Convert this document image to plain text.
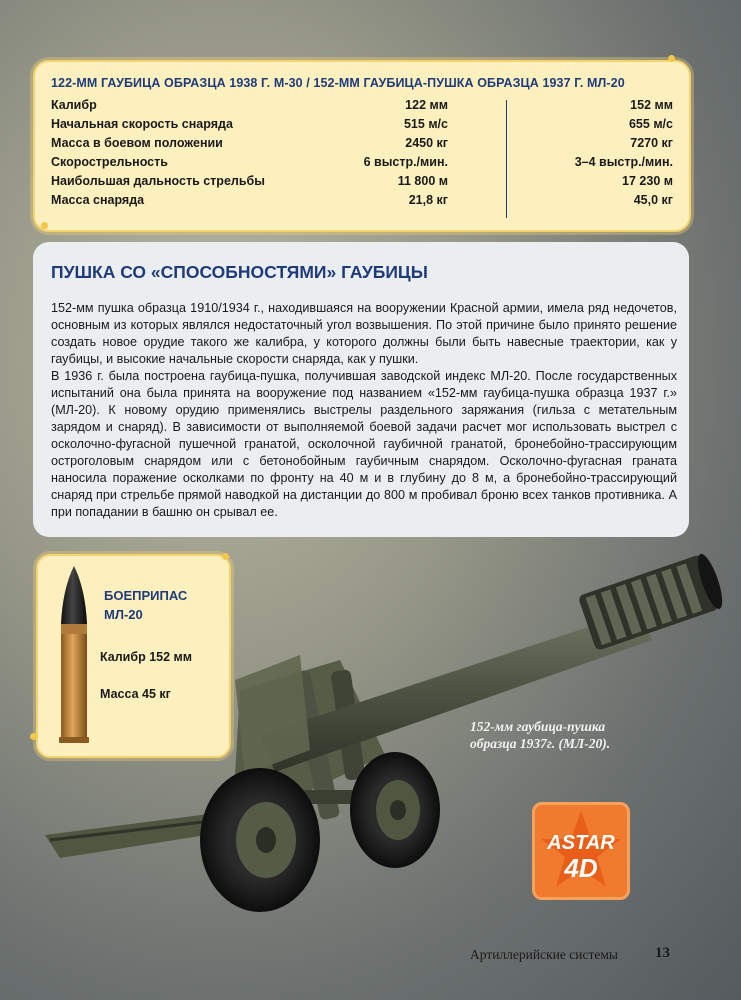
122-ММ ГАУБИЦА ОБРАЗЦА 1938 Г. М-30 / 152-ММ ГАУБИЦА-ПУШКА ОБРАЗЦА 1937 Г. МЛ-20
Калибр	122 мм	152 мм
Начальная скорость снаряда	515 м/с	655 м/с
Масса в боевом положении	2450 кг	7270 кг
Скорострельность	6 выстр./мин.	3–4 выстр./мин.
Наибольшая дальность стрельбы	11 800 м	17 230 м
Масса снаряда	21,8 кг	45,0 кг
ПУШКА СО «СПОСОБНОСТЯМИ» ГАУБИЦЫ

152-мм пушка образца 1910/1934 г., находившаяся на вооружении Красной армии, имела ряд недочетов, основным из которых являлся недостаточный угол возвышения. По этой причине было принято решение создать новое орудие такого же калибра, у которого должны были быть навесные траектории, как у гаубицы, и высокие начальные скорости снаряда, как у пушки.

В 1936 г. была построена гаубица-пушка, получившая заводской индекс МЛ-20. После государственных испытаний она была принята на вооружение под названием «152-мм гаубица-пушка образца 1937 г.» (МЛ-20). К новому орудию применялись выстрелы раздельного заряжания (гильза с метательным зарядом и снаряд). В зависимости от выполняемой боевой задачи расчет мог использовать выстрел с осколочно-фугасной пушечной гранатой, осколочной гаубичной гранатой, бронебойно-трассирующим остроголовым снарядом или с бетонобойным гаубичным снарядом. Осколочно-фугасная граната наносила поражение осколками по фронту на 40 м и в глубину до 8 м, а бронебойно-трассирующий снаряд при стрельбе прямой наводкой на дистанции до 800 м пробивал броню всех танков противника. А при попадании в башню он срывал ее.

БОЕПРИПАС
МЛ-20
Калибр 152 мм
Масса 45 кг
152-мм гаубица-пушка
образца 1937г. (МЛ-20).
ASTAR
4D
Артиллерийские системы 13
